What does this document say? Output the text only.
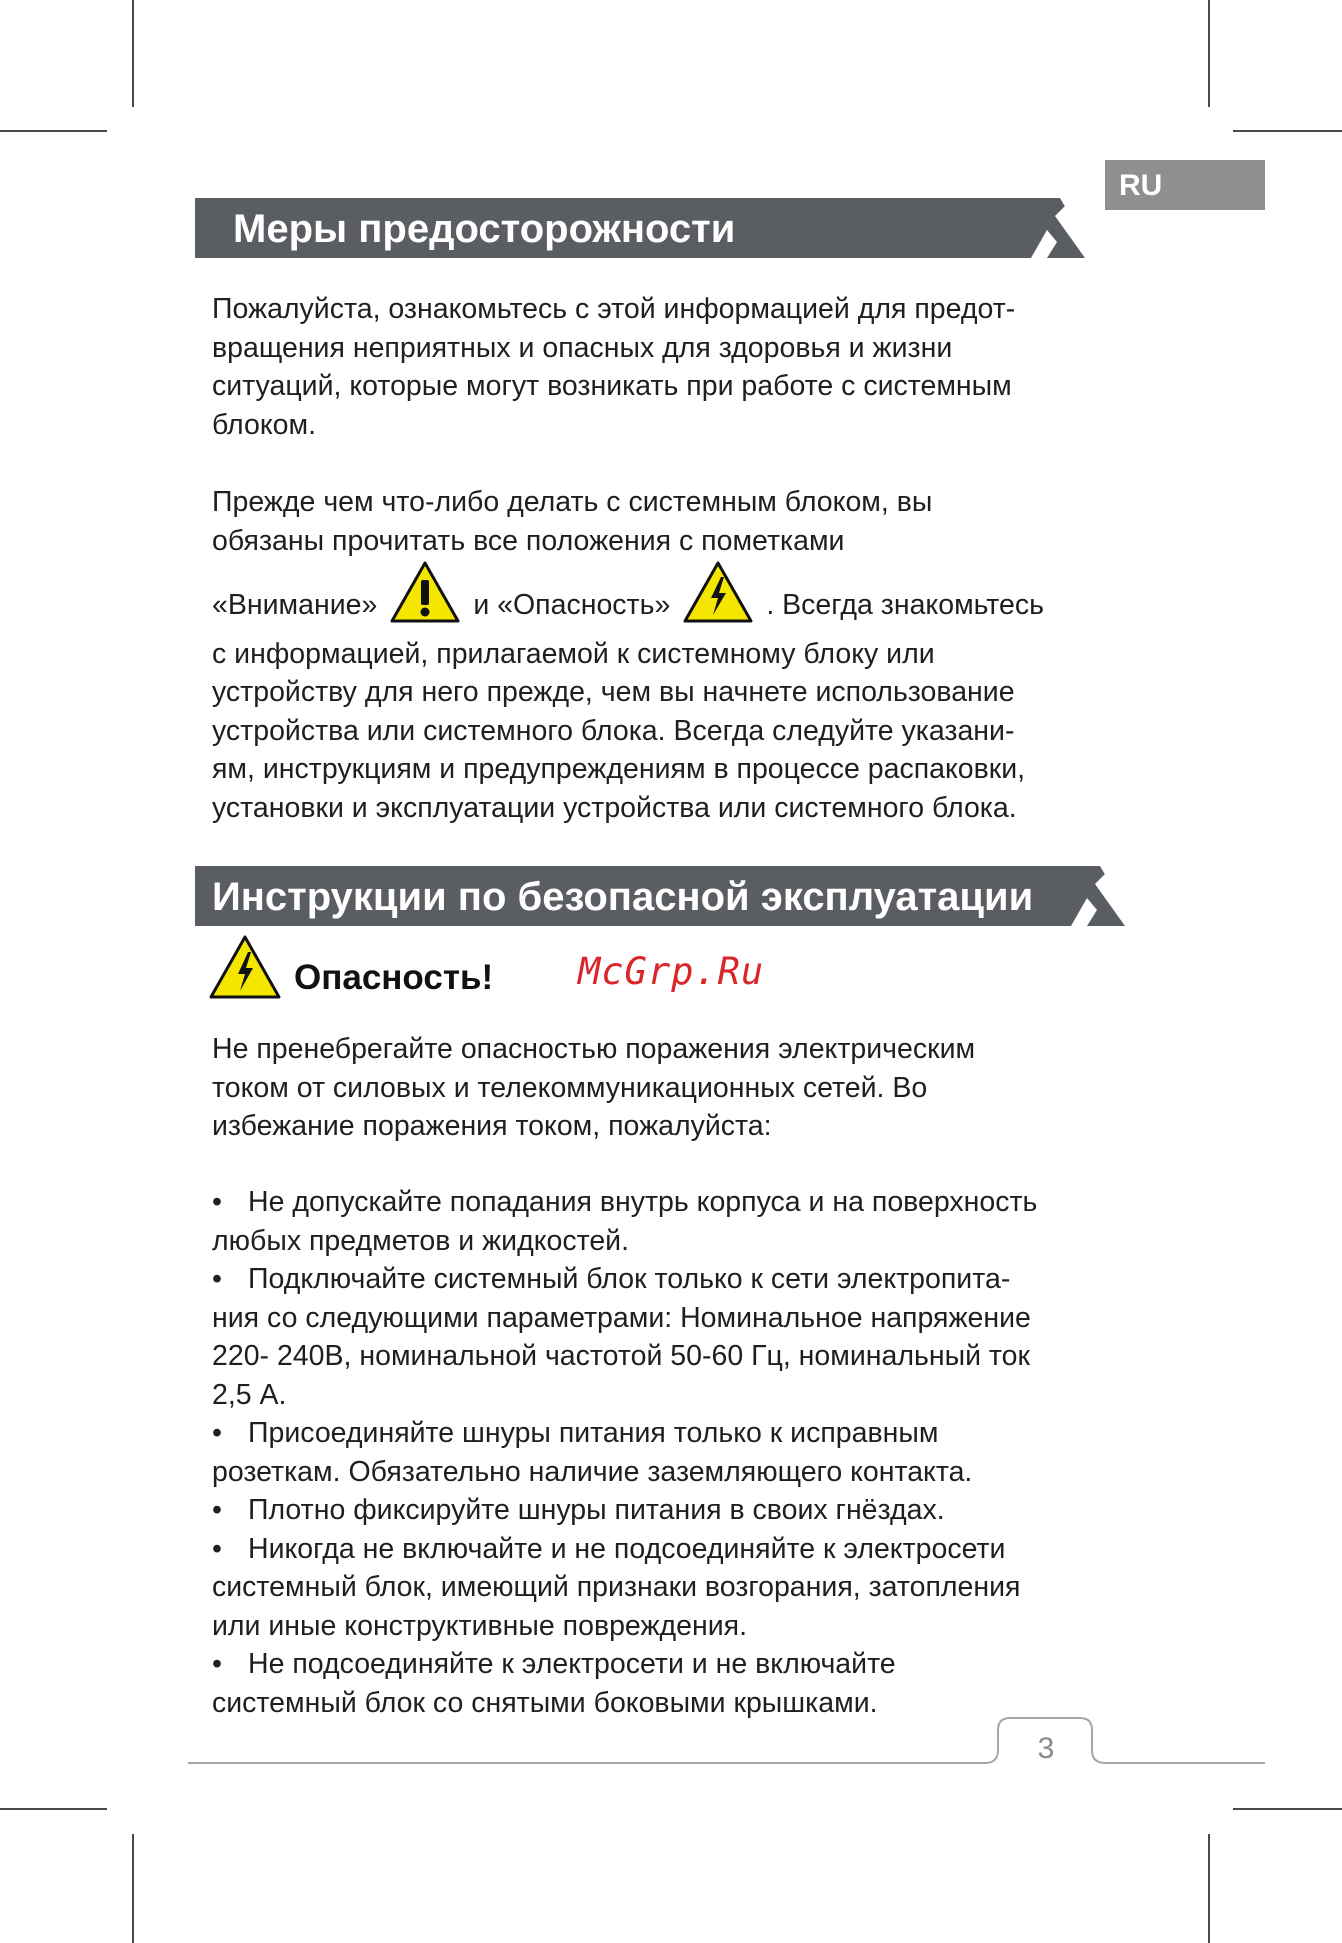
RU
Меры предосторожности

Пожалуйста, ознакомьтесь с этой информацией для предот-
вращения неприятных и опасных для здоровья и жизни
ситуаций, которые могут возникать при работе с системным
блоком.

Прежде чем что-либо делать с системным блоком, вы
обязаны прочитать все положения с пометками

«Внимание»	и «Опасность»	. Всегда знакомьтесь
с информацией, прилагаемой к системному блоку или
устройству для него прежде, чем вы начнете использование
устройства или системного блока. Всегда следуйте указани-
ям, инструкциям и предупреждениям в процессе распаковки,
установки и эксплуатации устройства или системного блока.

Инструкции по безопасной эксплуатации
Опасность! McGrp.Ru

Не пренебрегайте опасностью поражения электрическим
током от силовых и телекоммуникационных сетей. Во
избежание поражения током, пожалуйста:

• Не допускайте попадания внутрь корпуса и на поверхность
любых предметов и жидкостей.
• Подключайте системный блок только к сети электропита-
ния со следующими параметрами: Номинальное напряжение
220- 240В, номинальной частотой 50-60 Гц, номинальный ток
2,5 А.
• Присоединяйте шнуры питания только к исправным
розеткам. Обязательно наличие заземляющего контакта.
• Плотно фиксируйте шнуры питания в своих гнёздах.
• Никогда не включайте и не подсоединяйте к электросети
системный блок, имеющий признаки возгорания, затопления
или иные конструктивные повреждения.
• Не подсоединяйте к электросети и не включайте
системный блок со снятыми боковыми крышками.
3
